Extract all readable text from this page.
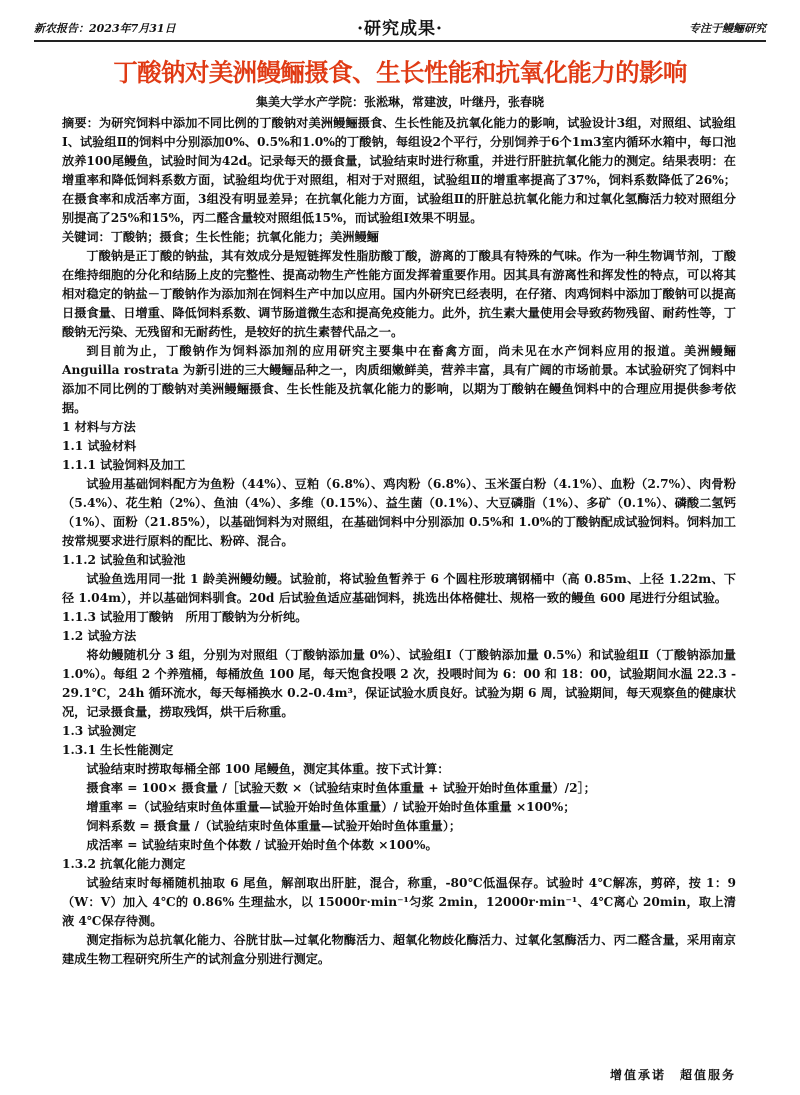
新农报告：2023年7月31日	·研究成果·	专注于鳗鲡研究
丁酸钠对美洲鳗鲡摄食、生长性能和抗氧化能力的影响
集美大学水产学院：张淞琳，常建波，叶继丹，张春晓

摘要：为研究饲料中添加不同比例的丁酸钠对美洲鳗鲡摄食、生长性能及抗氧化能力的影响，试验设计3组，对照组、试验组Ⅰ、试验组Ⅱ的饲料中分别添加0%、0.5%和1.0%的丁酸钠，每组设2个平行，分别饲养于6个1m3室内循环水箱中，每口池放养100尾鳗鱼，试验时间为42d。记录每天的摄食量，试验结束时进行称重，并进行肝脏抗氧化能力的测定。结果表明：在增重率和降低饲料系数方面，试验组均优于对照组，相对于对照组，试验组Ⅱ的增重率提高了37%，饲料系数降低了26%；在摄食率和成活率方面，3组没有明显差异；在抗氧化能力方面，试验组Ⅱ的肝脏总抗氧化能力和过氧化氢酶活力较对照组分别提高了25%和15%，丙二醛含量较对照组低15%，而试验组Ⅰ效果不明显。

关键词：丁酸钠；摄食；生长性能；抗氧化能力；美洲鳗鲡

丁酸钠是正丁酸的钠盐，其有效成分是短链挥发性脂肪酸丁酸，游离的丁酸具有特殊的气味。作为一种生物调节剂，丁酸在维持细胞的分化和结肠上皮的完整性、提高动物生产性能方面发挥着重要作用。因其具有游离性和挥发性的特点，可以将其相对稳定的钠盐－丁酸钠作为添加剂在饲料生产中加以应用。国内外研究已经表明，在仔猪、肉鸡饲料中添加丁酸钠可以提高日摄食量、日增重、降低饲料系数、调节肠道微生态和提高免疫能力。此外，抗生素大量使用会导致药物残留、耐药性等，丁酸钠无污染、无残留和无耐药性，是较好的抗生素替代品之一。

到目前为止，丁酸钠作为饲料添加剂的应用研究主要集中在畜禽方面，尚未见在水产饲料应用的报道。美洲鳗鲡 Anguilla rostrata 为新引进的三大鳗鲡品种之一，肉质细嫩鲜美，营养丰富，具有广阔的市场前景。本试验研究了饲料中添加不同比例的丁酸钠对美洲鳗鲡摄食、生长性能及抗氧化能力的影响，以期为丁酸钠在鳗鱼饲料中的合理应用提供参考依据。

1 材料与方法

1.1 试验材料

1.1.1 试验饲料及加工

试验用基础饲料配方为鱼粉（44%）、豆粕（6.8%）、鸡肉粉（6.8%）、玉米蛋白粉（4.1%）、血粉（2.7%）、肉骨粉（5.4%）、花生粕（2%）、鱼油（4%）、多维（0.15%）、益生菌（0.1%）、大豆磷脂（1%）、多矿（0.1%）、磷酸二氢钙（1%）、面粉（21.85%），以基础饲料为对照组，在基础饲料中分别添加 0.5%和 1.0%的丁酸钠配成试验饲料。饲料加工按常规要求进行原料的配比、粉碎、混合。

1.1.2 试验鱼和试验池

试验鱼选用同一批 1 龄美洲鳗幼鳗。试验前，将试验鱼暂养于 6 个圆柱形玻璃钢桶中（高 0.85m、上径 1.22m、下径 1.04m），并以基础饲料驯食。20d 后试验鱼适应基础饲料，挑选出体格健壮、规格一致的鳗鱼 600 尾进行分组试验。

1.1.3 试验用丁酸钠　所用丁酸钠为分析纯。

1.2 试验方法

将幼鳗随机分 3 组，分别为对照组（丁酸钠添加量 0%）、试验组Ⅰ（丁酸钠添加量 0.5%）和试验组Ⅱ（丁酸钠添加量 1.0%）。每组 2 个养殖桶，每桶放鱼 100 尾，每天饱食投喂 2 次，投喂时间为 6：00 和 18：00，试验期间水温 22.3 - 29.1℃，24h 循环流水，每天每桶换水 0.2-0.4m³，保证试验水质良好。试验为期 6 周，试验期间，每天观察鱼的健康状况，记录摄食量，捞取残饵，烘干后称重。

1.3 试验测定

1.3.1 生长性能测定

试验结束时捞取每桶全部 100 尾鳗鱼，测定其体重。按下式计算：

摄食率 = 100× 摄食量 /［试验天数 ×（试验结束时鱼体重量 + 试验开始时鱼体重量）/2］；

增重率 =（试验结束时鱼体重量—试验开始时鱼体重量）/ 试验开始时鱼体重量 ×100%；

饲料系数 = 摄食量 /（试验结束时鱼体重量—试验开始时鱼体重量）；

成活率 = 试验结束时鱼个体数 / 试验开始时鱼个体数 ×100%。

1.3.2 抗氧化能力测定

试验结束时每桶随机抽取 6 尾鱼，解剖取出肝脏，混合，称重，-80℃低温保存。试验时 4℃解冻，剪碎，按 1：9（W：V）加入 4℃的 0.86% 生理盐水，以 15000r·min⁻¹匀浆 2min，12000r·min⁻¹、4℃离心 20min，取上清液 4℃保存待测。

测定指标为总抗氧化能力、谷胱甘肽—过氧化物酶活力、超氧化物歧化酶活力、过氧化氢酶活力、丙二醛含量，采用南京建成生物工程研究所生产的试剂盒分别进行测定。

增值承诺　超值服务
